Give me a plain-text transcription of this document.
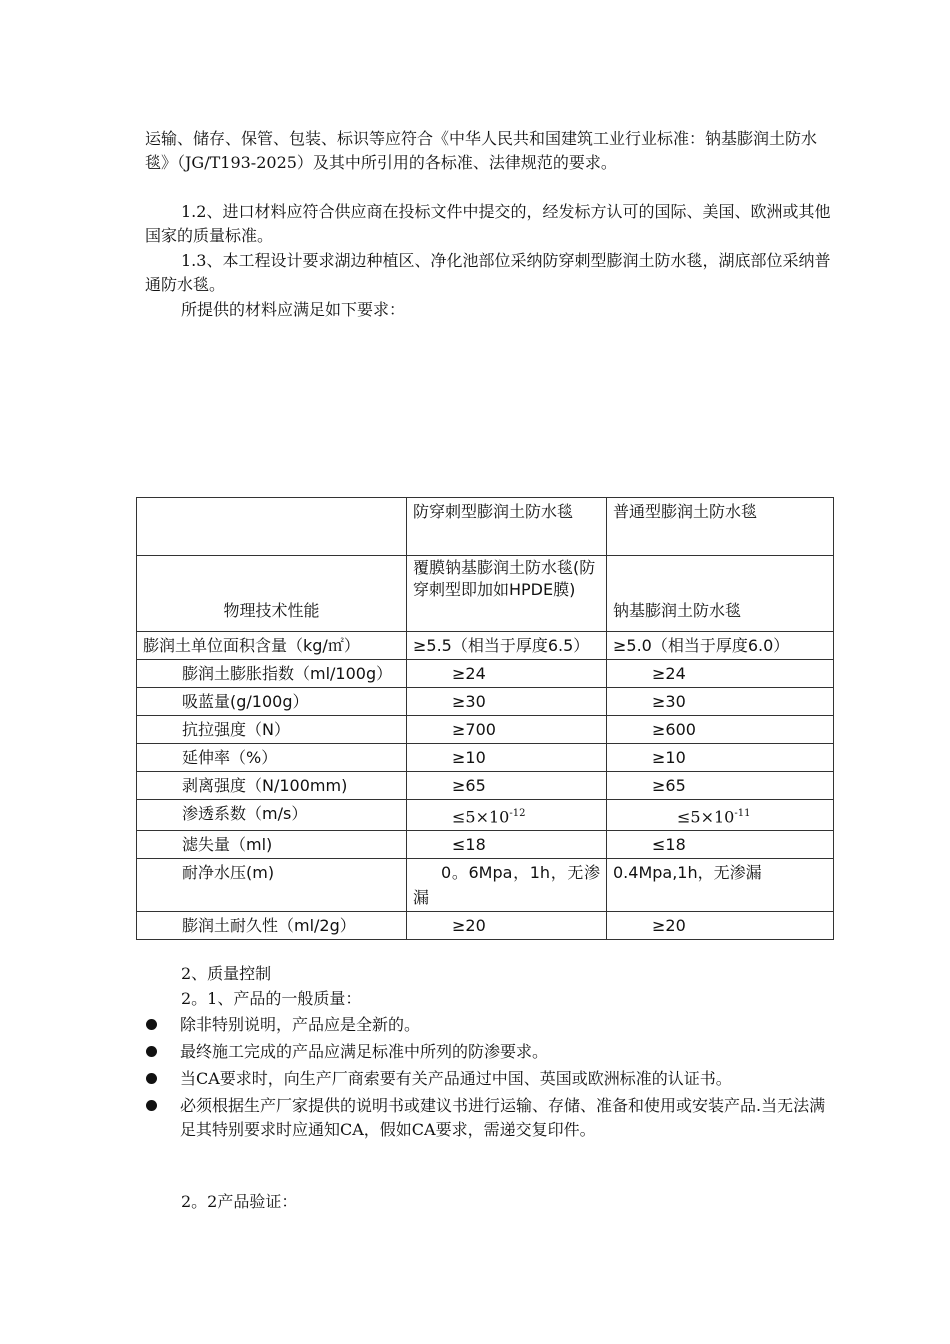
运输、储存、保管、包装、标识等应符合《中华人民共和国建筑工业行业标准：钠基膨润土防水毯》（JG/T193-2025）及其中所引用的各标准、法律规范的要求。

1.2、进口材料应符合供应商在投标文件中提交的，经发标方认可的国际、美国、欧洲或其他国家的质量标准。

1.3、本工程设计要求湖边种植区、净化池部位采纳防穿刺型膨润土防水毯，湖底部位采纳普通防水毯。

所提供的材料应满足如下要求：

	防穿刺型膨润土防水毯	普通型膨润土防水毯
物理技术性能	覆膜钠基膨润土防水毯(防穿刺型即加如HPDE膜)	钠基膨润土防水毯
膨润土单位面积含量（kg/㎡）	≥5.5（相当于厚度6.5）	≥5.0（相当于厚度6.0）
膨润土膨胀指数（ml/100g）	≥24	≥24
吸蓝量(g/100g）	≥30	≥30
抗拉强度（N）	≥700	≥600
延伸率（%）	≥10	≥10
剥离强度（N/100mm)	≥65	≥65
渗透系数（m/s）	$\le 5\times 10^{-12}$	$\le 5\times 10^{-11}$
滤失量（ml)	≤18	≤18
耐净水压(m)	0。6Mpa，1h，无渗漏	0.4Mpa,1h，无渗漏
膨润土耐久性（ml/2g）	≥20	≥20

2、质量控制

2。1、产品的一般质量：

除非特别说明，产品应是全新的。
最终施工完成的产品应满足标准中所列的防渗要求。
当CA要求时，向生产厂商索要有关产品通过中国、英国或欧洲标准的认证书。
必须根据生产厂家提供的说明书或建议书进行运输、存储、准备和使用或安装产品.当无法满足其特别要求时应通知CA，假如CA要求，需递交复印件。

2。2产品验证：
